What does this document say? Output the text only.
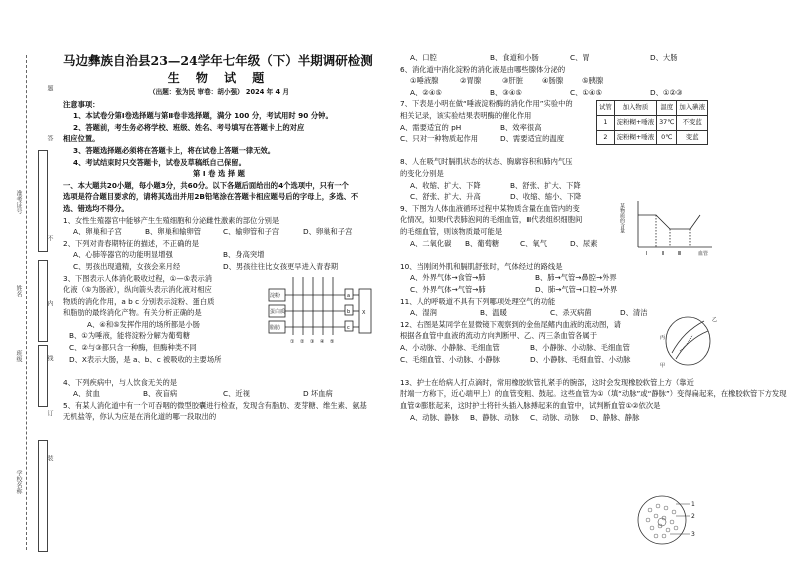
题
答
不
内
线
订
装
准考证号
姓名
班级
学校名称
马边彝族自治县23—24学年七年级（下）半期调研检测
生 物 试 题
（出题：张为民 审卷：胡小强） 2024 年 4 月
注意事项：
1、本试卷分第Ⅰ卷选择题与第Ⅱ卷非选择题，满分 100 分，考试用时 90 分钟。
2、答题前，考生务必将学校、班级、姓名、考号填写在答题卡上的对应
相应位置。
3、答题选择题必须将在答题卡上，将在试卷上答题一律无效。
4、考试结束时只交答题卡，试卷及草稿纸自己保留。
第 Ⅰ 卷 选 择 题
一、本大题共20小题，每小题3分，共60分。以下各题后面给出的4个选项中，只有一个
选项是符合题目要求的，请将其选出并用2B铅笔涂在答题卡相应题号后的字母上，多选、不
选、错选均不得分。
1、女性生殖器官中能够产生生殖细胞和分泌雌性激素的部位分别是
A、卵巢和子宫	B、卵巢和输卵管	C、输卵管和子宫	D、卵巢和子宫
2、下列对青春期特征的描述，不正确的是
A、心肺等器官的功能明显增强	B、身高突增
C、男孩出现遗精，女孩会来月经	D、男孩往往比女孩更早进入青春期
3、下图表示人体消化吸收过程，①—⑤表示消
化液（⑤为肠液），纵向箭头表示消化液对相应
物质的消化作用，a b c 分别表示淀粉、蛋白质
和脂肪的最终消化产物。有关分析正确的是
A、④和⑤发挥作用的场所都是小肠
B、①为唾液，能将淀粉分解为葡萄糖
C、②与③都只含一种酶，但酶种类不同
D、X表示大肠，是 a、b、c 被吸收的主要场所
淀粉
蛋白质
脂肪
① ② ③ ④ ⑤
a
b
c
X
4、下列疾病中，与人饮食无关的是
A、贫血	B、夜盲病	C、近视	D 坏血病
5、有某人消化道中有一个可吞咽的微型胶囊进行检查，发现含有脂肪、麦芽糖、维生素、氨基
无机盐等，你认为应是在消化道的哪一段取出的
A、口腔	B、食道和小肠	C、胃	D、大肠
6、消化道中消化淀粉的消化液是由哪些腺体分泌的
①唾液腺	②胃腺	③肝脏	④肠腺	⑤胰腺
A、②④⑤	B、③④⑤	C、①④⑤	D、①②③
7、下表是小明在做“唾液淀粉酶的消化作用”实验中的
相关记录，该实验结果表明酶的催化作用
A、需要适宜的 pH	B、效率很高
C、只对一种物质起作用	D、需要适宜的温度
试管	加入物质	温度	加入碘液
1	淀粉糊+唾液	37℃	不变蓝
2	淀粉糊+唾液	0℃	变蓝
8、人在吸气时膈肌状态的状态、胸廓容积和肺内气压
的变化分别是
A、收缩、扩大、下降	B、舒张、扩大、下降
C、舒张、扩大、升高	D、收缩、缩小、下降
9、下图为人体血液循环过程中某物质含量在血管内的变
化情况，如果Ⅰ代表肺泡间的毛细血管，Ⅲ代表组织细胞间
的毛细血管，则该物质最可能是
A、二氧化碳 B、葡萄糖	C、氧气	D、尿素
某物质的含量
Ⅰ	Ⅱ	Ⅲ	血管
10、当刚闭外肌和膈肌舒张时，气体经过的路线是
A、外界气体→食管→肺	B、肺→气管→鼻腔→外界
C、外界气体→气管→肺	D、肺→气管→口腔→外界
11、人的呼吸道不具有下列哪项处理空气的功能
A、湿润	B、温暖	C、杀灭病菌	D、清洁
12、右图是某同学在显微镜下观察到的金鱼尾鳍内血液的流动图，请
根据各血管中血液的流动方向判断甲、乙、丙三条血管各属于
A、小动脉、小静脉、毛细血管	B、小静脉、小动脉、毛细血管
C、毛细血管、小动脉、小静脉	D、小静脉、毛细血管、小动脉
乙
丙
甲
13、护士在给病人打点滴时，常用橡胶软管扎紧手的腕部，这时会发现橡胶软管上方（靠近
肘端一方称下，近心端甲上）的血管变粗、鼓起。这些血管为①（填“动脉”或“静脉”）变得扁起来，在橡胶软管下方发现
血管②膨胀起来，这时护士将针头插入脉搏起来的血管中，试判断血管①②依次是
A、动脉、静脉 B、静脉、动脉 C、动脉、动脉 D、静脉、静脉
1
2
3
